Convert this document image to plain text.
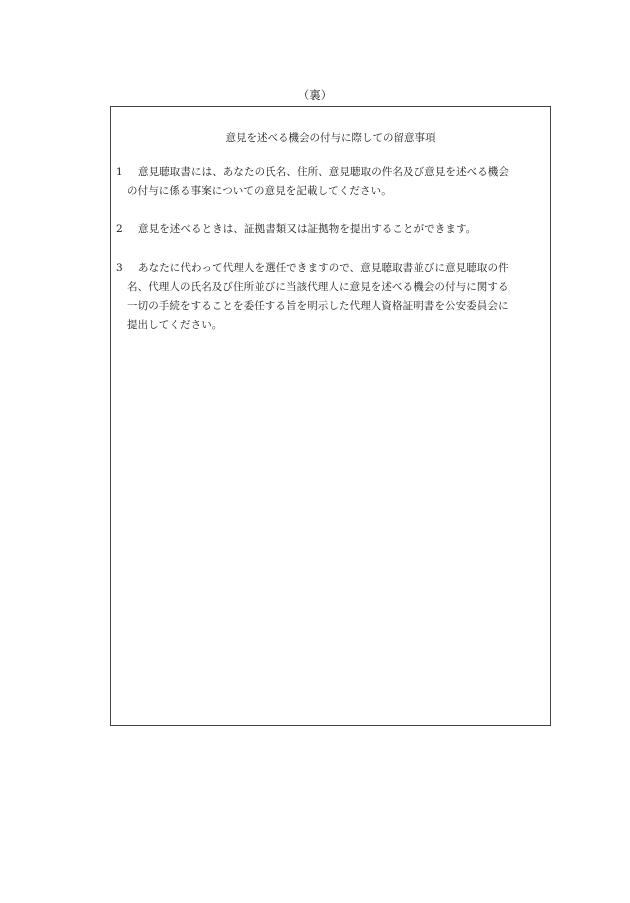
（裏）
意見を述べる機会の付与に際しての留意事項
1 意見聴取書には、あなたの氏名、住所、意見聴取の件名及び意見を述べる機会
の付与に係る事案についての意見を記載してください。
2 意見を述べるときは、証拠書類又は証拠物を提出することができます。
3 あなたに代わって代理人を選任できますので、意見聴取書並びに意見聴取の件
名、代理人の氏名及び住所並びに当該代理人に意見を述べる機会の付与に関する
一切の手続をすることを委任する旨を明示した代理人資格証明書を公安委員会に
提出してください。
